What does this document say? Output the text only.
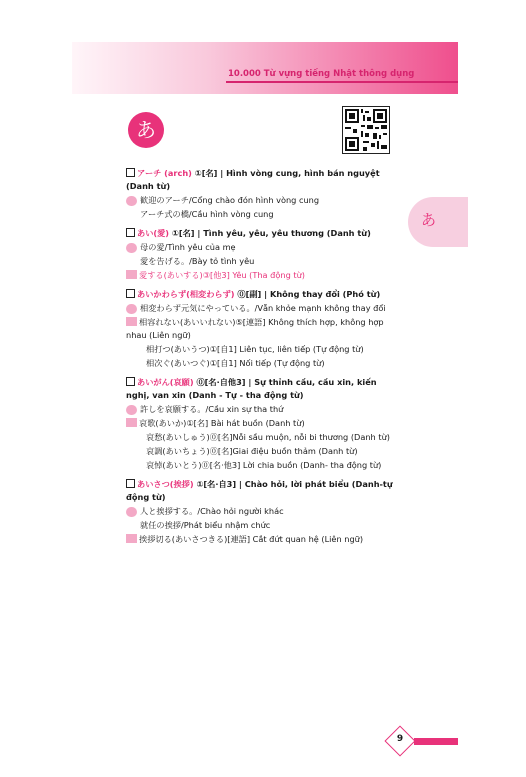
10.000 Từ vựng tiếng Nhật thông dụng
あ
あ
アーチ (arch) ①[名] | Hình vòng cung, hình bán nguyệt (Danh từ)
歓迎のアーチ/Cổng chào đón hình vòng cung
アーチ式の橋/Cầu hình vòng cung
あい(愛) ①[名] | Tình yêu, yêu, yêu thương (Danh từ)
母の愛/Tình yêu của mẹ
愛を告げる。/Bày tỏ tình yêu
愛する(あいする)③[他3] Yêu (Tha động từ)
あいかわらず(相変わらず) ⓪[副] | Không thay đổi (Phó từ)
相変わらず元気にやっている。/Vẫn khỏe mạnh không thay đổi
相容れない(あいいれない)⑤[連語] Không thích hợp, không hợp nhau (Liên ngữ)
相打つ(あいうつ)①[自1] Liên tục, liên tiếp (Tự động từ)
相次ぐ(あいつぐ)①[自1] Nối tiếp (Tự động từ)
あいがん(哀願) ⓪[名·自他3] | Sự thỉnh cầu, cầu xin, kiến nghị, van xin (Danh - Tự - tha động từ)
許しを哀願する。/Cầu xin sự tha thứ
哀歌(あいか)①[名] Bài hát buồn (Danh từ)
哀愁(あいしゅう)⓪[名]Nỗi sầu muộn, nỗi bi thương (Danh từ)
哀調(あいちょう)⓪[名]Giai điệu buồn thảm (Danh từ)
哀悼(あいとう)⓪[名·他3] Lời chia buồn (Danh- tha động từ)
あいさつ(挨拶) ①[名·自3] | Chào hỏi, lời phát biểu (Danh-tự động từ)
人と挨拶する。/Chào hỏi người khác
就任の挨拶/Phát biểu nhậm chức
挨拶切る(あいさつきる)[連語] Cắt đứt quan hệ (Liên ngữ)
9
